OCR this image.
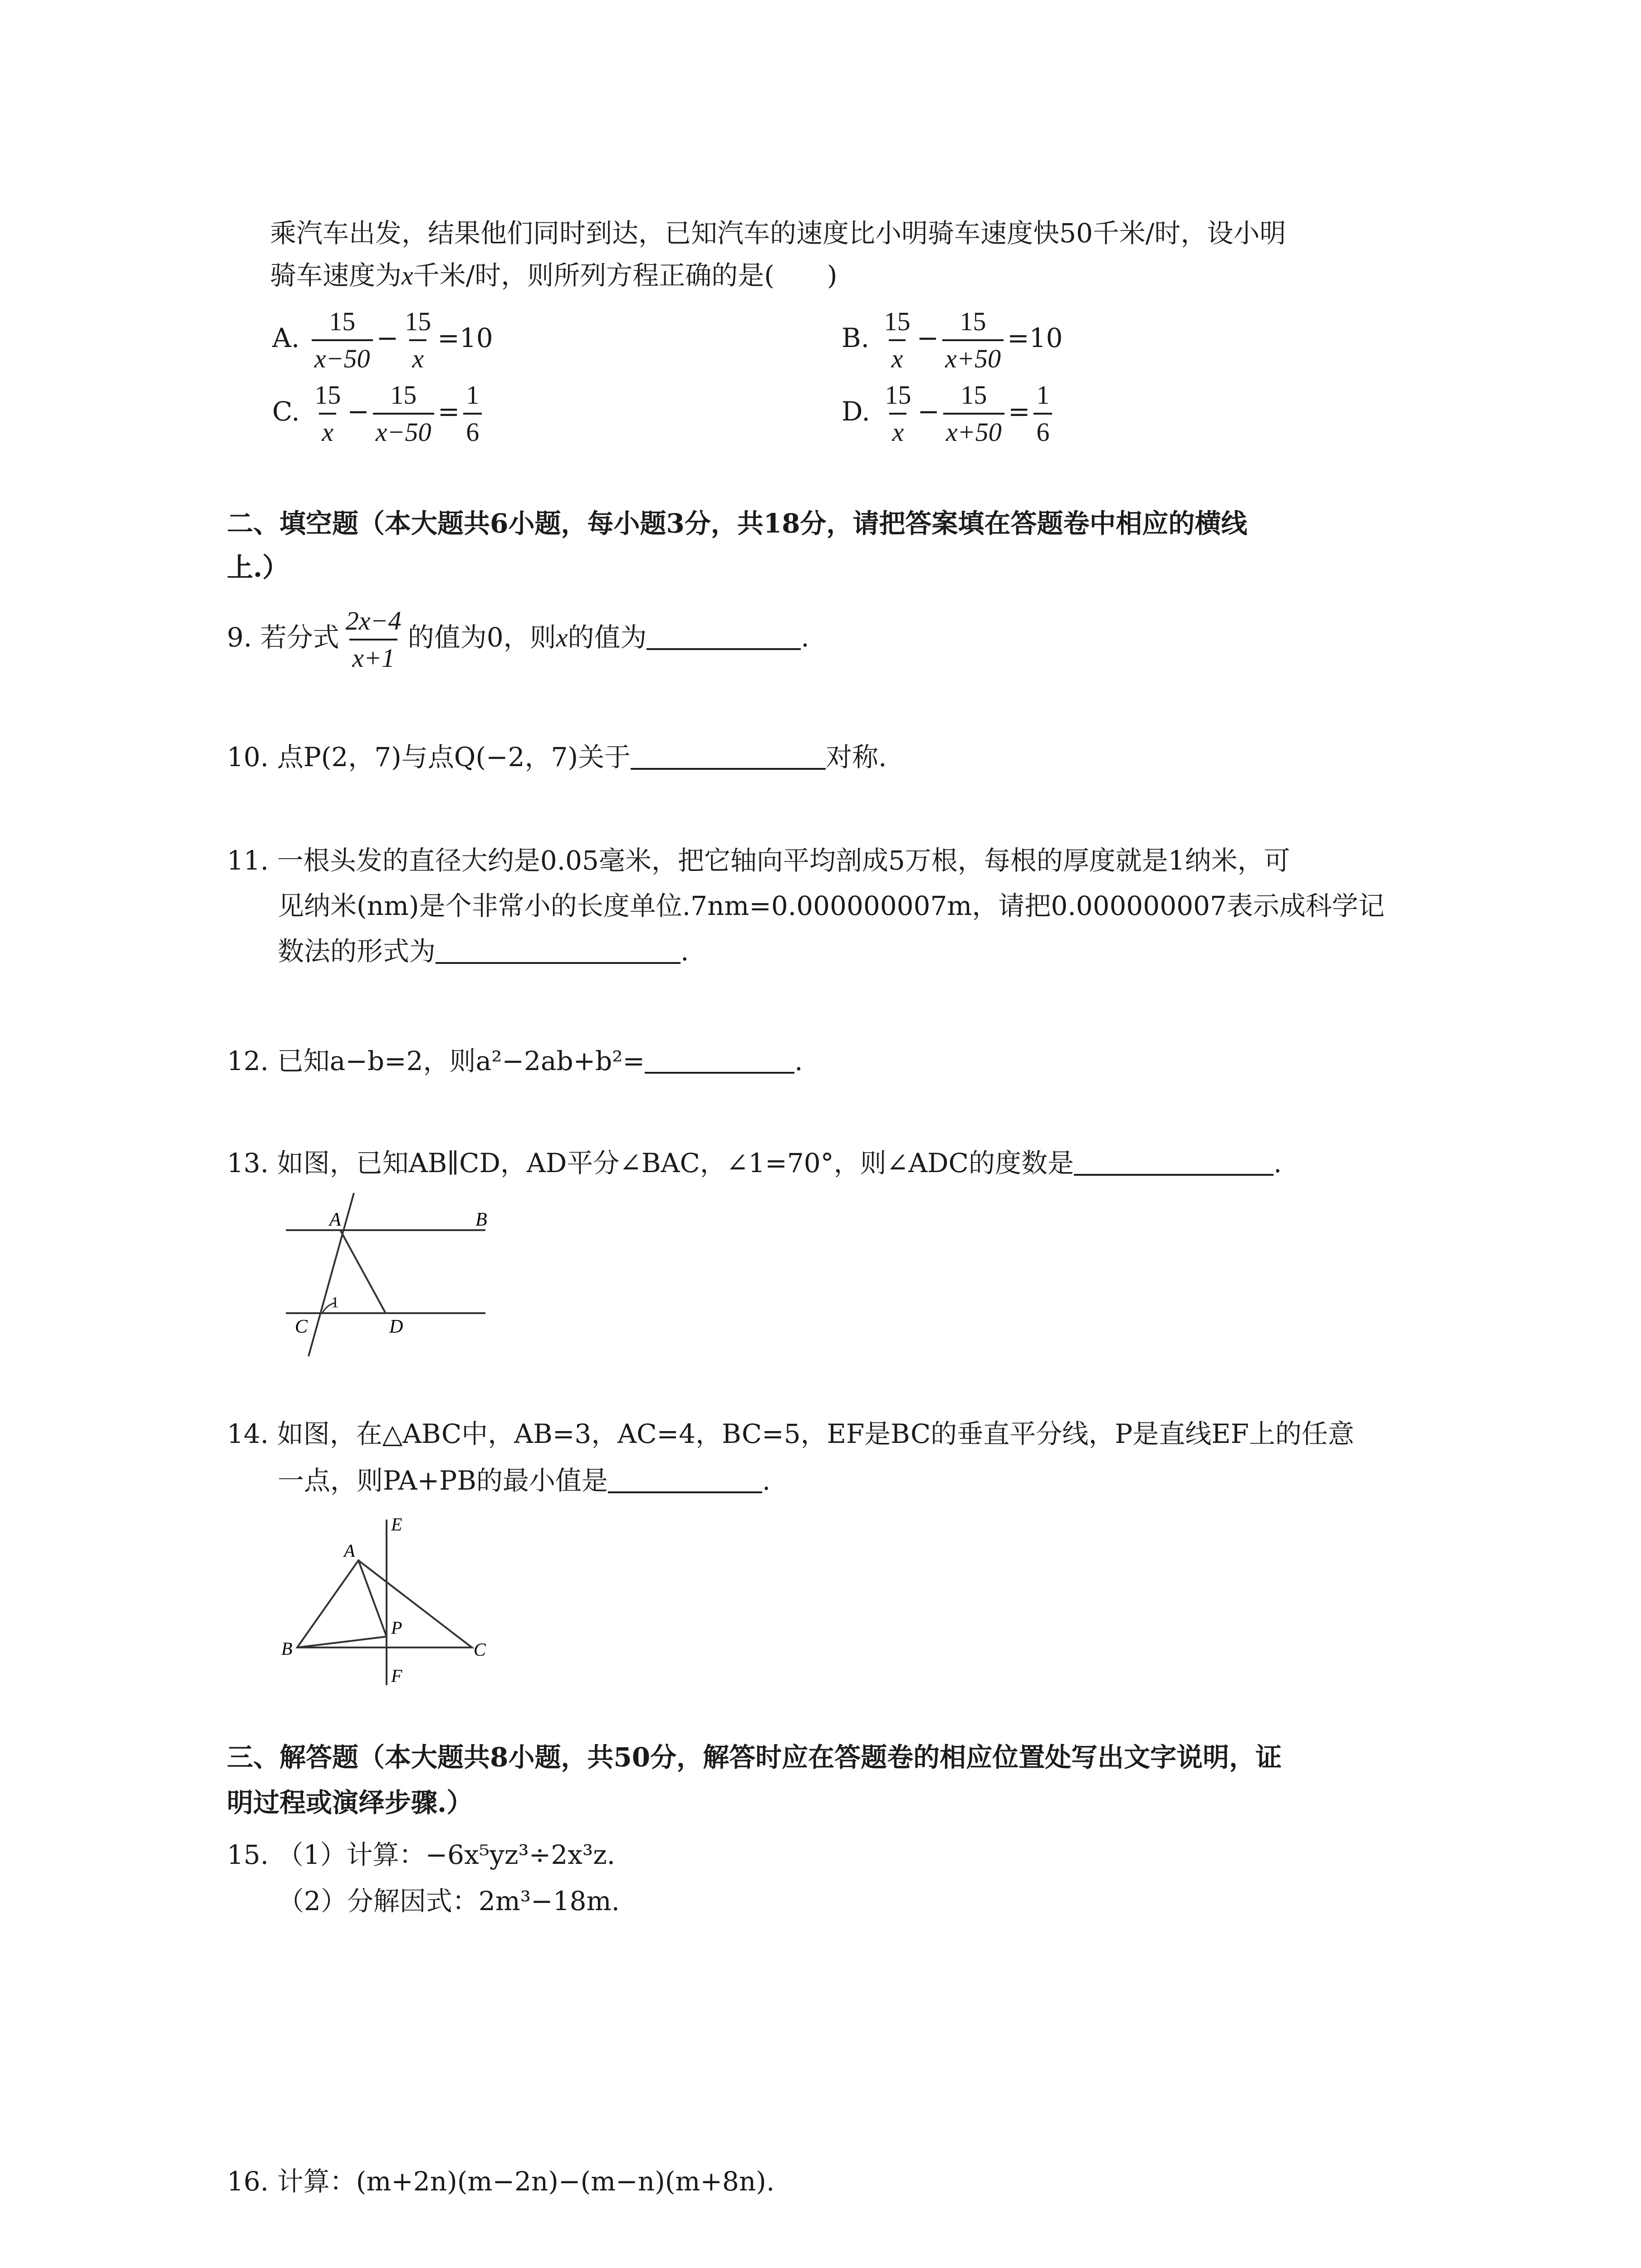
乘汽车出发，结果他们同时到达，已知汽车的速度比小明骑车速度快50千米/时，设小明
骑车速度为x千米/时，则所列方程正确的是(　　)
A. $\frac{15}{x-50} - \frac{15}{x} =10$	B. $\frac{15}{x} - \frac{15}{x+50} =10$
C. $\frac{15}{x} - \frac{15}{x-50} = \frac{1}{6}$	D. $\frac{15}{x} - \frac{15}{x+50} = \frac{1}{6}$
二、填空题（本大题共6小题，每小题3分，共18分，请把答案填在答题卷中相应的横线
上.）
9. 若分式 $\frac{2x-4}{x+1}$ 的值为0，则x的值为	.
10. 点P(2，7)与点Q(−2，7)关于	对称.
11. 一根头发的直径大约是0.05毫米，把它轴向平均剖成5万根，每根的厚度就是1纳米，可
见纳米(nm)是个非常小的长度单位.7nm=0.000000007m，请把0.000000007表示成科学记
数法的形式为	.
12. 已知a−b=2，则a²−2ab+b²=	.
13. 如图，已知AB∥CD，AD平分∠BAC，∠1=70°，则∠ADC的度数是	.
A	B
C	D
1
14. 如图，在△ABC中，AB=3，AC=4，BC=5，EF是BC的垂直平分线，P是直线EF上的任意
一点，则PA+PB的最小值是	.
E
A
B
P
C
F
三、解答题（本大题共8小题，共50分，解答时应在答题卷的相应位置处写出文字说明，证
明过程或演绎步骤.）
15. （1）计算：−6x⁵yz³÷2x³z.
（2）分解因式：2m³−18m.
16. 计算：(m+2n)(m−2n)−(m−n)(m+8n).
